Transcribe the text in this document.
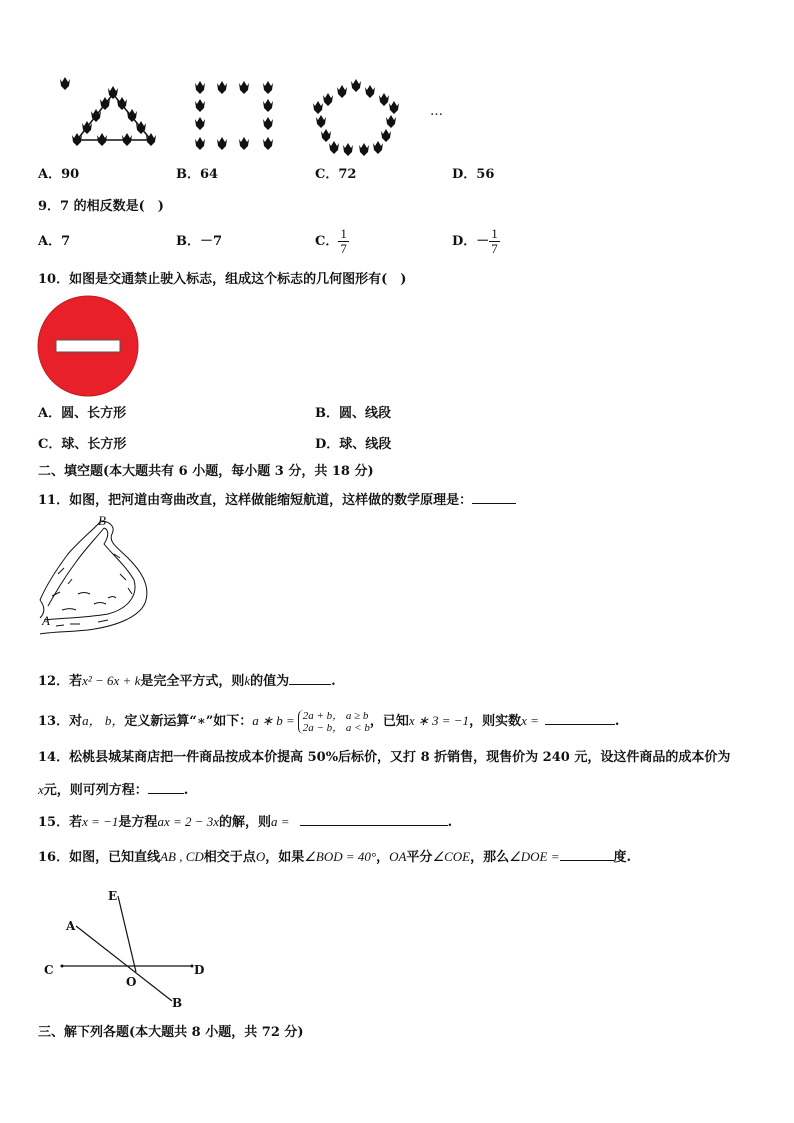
…
A．90	B．64	C．72	D．56
9．7 的相反数是(　)
A．7	B．－7	C． $\frac{1}{7}$	D．－ $\frac{1}{7}$
10．如图是交通禁止驶入标志，组成这个标志的几何图形有(　)
A．圆、长方形	B．圆、线段
C．球、长方形	D．球、线段
二、填空题(本大题共有 6 小题，每小题 3 分，共 18 分)
11．如图，把河道由弯曲改直，这样做能缩短航道，这样做的数学原理是：
B
A
12．若x² − 6x + k是完全平方式，则k的值为	.
13．对a， b，定义新运算“∗”如下：a ∗ b = 2a + b， a ≥ b
2a − b， a < b ，已知x ∗ 3 = −1，则实数x =	.
14．松桃县城某商店把一件商品按成本价提高 50%后标价，又打 8 折销售，现售价为 240 元，设这件商品的成本价为
x元，则可列方程：	.
15．若x = −1是方程ax = 2 − 3x的解，则a =	.
16．如图，已知直线AB , CD相交于点O，如果∠BOD = 40°，OA平分∠COE，那么∠DOE =	度.
E
A
C
O
D
B
三、解下列各题(本大题共 8 小题，共 72 分)
